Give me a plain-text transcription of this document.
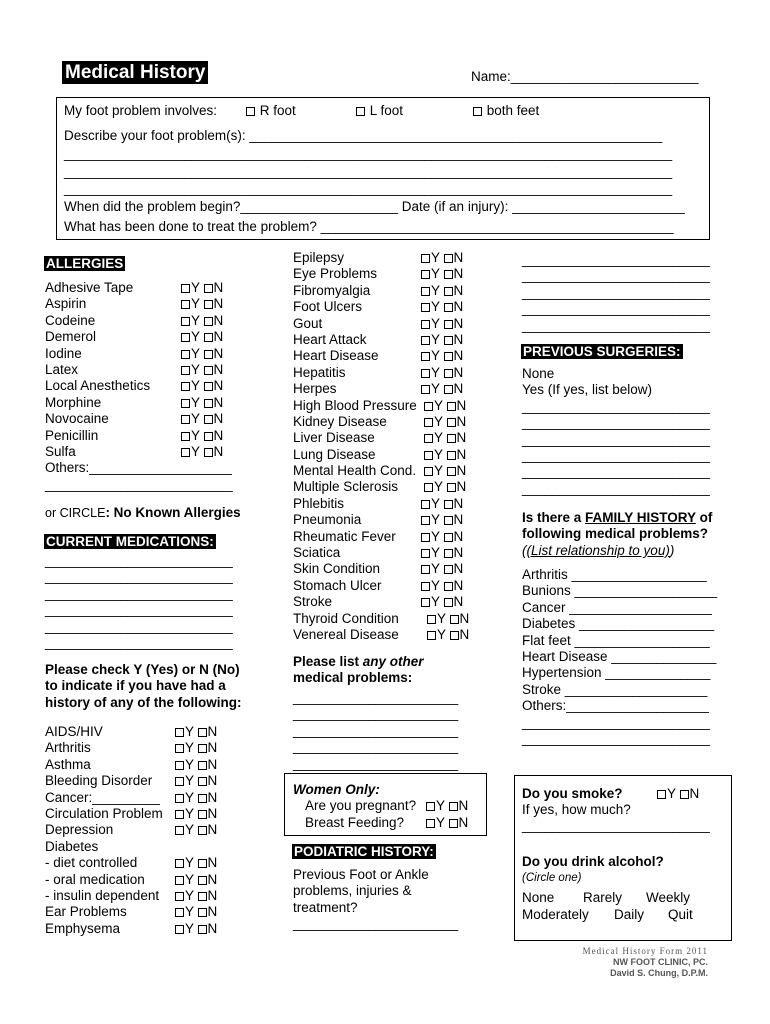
Medical History	Name:_________________________
My foot problem involves:	R foot	L foot	both feet
Describe your foot problem(s): _______________________________________________________
_________________________________________________________________________________
_________________________________________________________________________________
_________________________________________________________________________________
When did the problem begin?_____________________ Date (if an injury): _______________________
What has been done to treat the problem? _______________________________________________
ALLERGIES
Adhesive Tape	Y N
Aspirin	Y N
Codeine	Y N
Demerol	Y N
Iodine	Y N
Latex	Y N
Local Anesthetics	Y N
Morphine	Y N
Novocaine	Y N
Penicillin	Y N
Sulfa	Y N
Others:___________________
_________________________
or CIRCLE: No Known Allergies
CURRENT MEDICATIONS:
_________________________
_________________________
_________________________
_________________________
_________________________
_________________________
Please check Y (Yes) or N (No)
to indicate if you have had a
history of any of the following:
AIDS/HIV	Y N
Arthritis	Y N
Asthma	Y N
Bleeding Disorder	Y N
Cancer:_________	Y N
Circulation Problem	Y N
Depression	Y N
Diabetes
- diet controlled	Y N
- oral medication	Y N
- insulin dependent	Y N
Ear Problems	Y N
Emphysema	Y N
Epilepsy	Y N
Eye Problems	Y N
Fibromyalgia	Y N
Foot Ulcers	Y N
Gout	Y N
Heart Attack	Y N
Heart Disease	Y N
Hepatitis	Y N
Herpes	Y N
High Blood Pressure	Y N
Kidney Disease	Y N
Liver Disease	Y N
Lung Disease	Y N
Mental Health Cond.	Y N
Multiple Sclerosis	Y N
Phlebitis	Y N
Pneumonia	Y N
Rheumatic Fever	Y N
Sciatica	Y N
Skin Condition	Y N
Stomach Ulcer	Y N
Stroke	Y N
Thyroid Condition	Y N
Venereal Disease	Y N
Please list any other
medical problems:
______________________
______________________
______________________
______________________
______________________
Women Only:
Are you pregnant?	Y N
Breast Feeding?	Y N
PODIATRIC HISTORY:
Previous Foot or Ankle
problems, injuries &
treatment?
______________________
_________________________
_________________________
_________________________
_________________________
_________________________
PREVIOUS SURGERIES:
None
Yes (If yes, list below)
_________________________
_________________________
_________________________
_________________________
_________________________
_________________________
Is there a FAMILY HISTORY of
following medical problems?
((List relationship to you))
Arthritis __________________
Bunions ___________________
Cancer ___________________
Diabetes __________________
Flat feet __________________
Heart Disease ______________
Hypertension ______________
Stroke ___________________
Others:___________________
_________________________
_________________________
Do you smoke?	Y N
If yes, how much?
_________________________
Do you drink alcohol?
(Circle one)
None Rarely Weekly
Moderately Daily Quit
Medical History Form 2011
NW FOOT CLINIC, PC.
David S. Chung, D.P.M.
